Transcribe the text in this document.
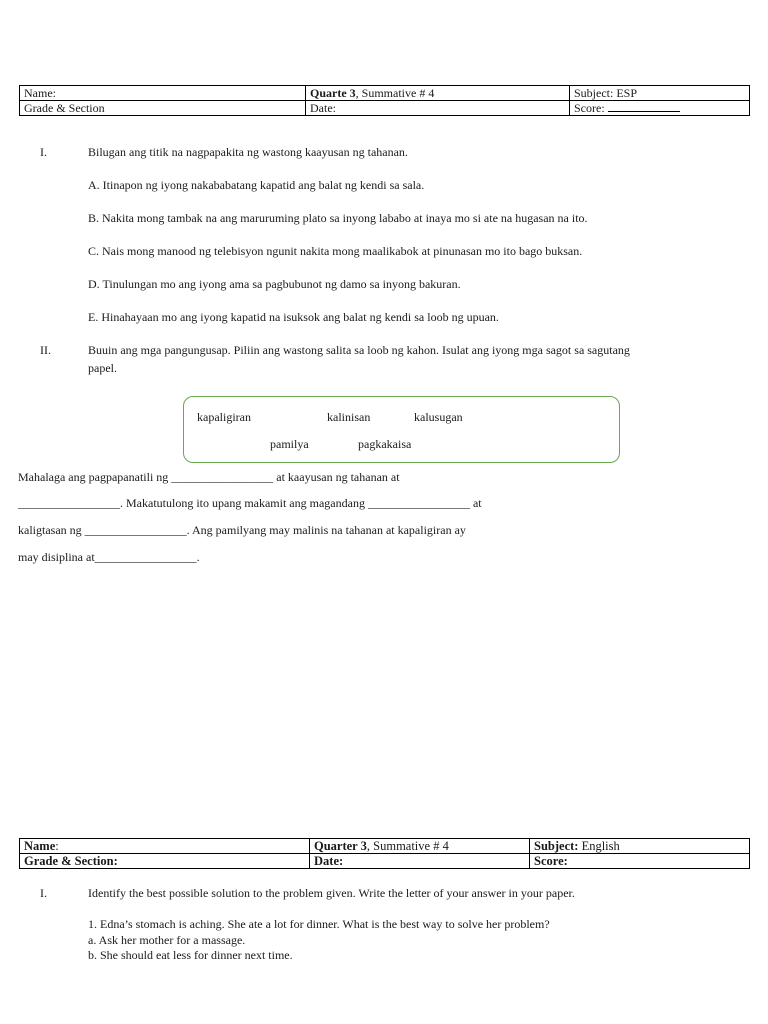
Name:	Quarte 3, Summative # 4	Subject: ESP
Grade & Section	Date:	Score:
I.	Bilugan ang titik na nagpapakita ng wastong kaayusan ng tahanan.
A. Itinapon ng iyong nakababatang kapatid ang balat ng kendi sa sala.
B. Nakita mong tambak na ang maruruming plato sa inyong lababo at inaya mo si ate na hugasan na ito.
C. Nais mong manood ng telebisyon ngunit nakita mong maalikabok at pinunasan mo ito bago buksan.
D. Tinulungan mo ang iyong ama sa pagbubunot ng damo sa inyong bakuran.
E. Hinahayaan mo ang iyong kapatid na isuksok ang balat ng kendi sa loob ng upuan.
II.	Buuin ang mga pangungusap. Piliin ang wastong salita sa loob ng kahon. Isulat ang iyong mga sagot sa sagutang
papel.
kapaligiran	kalinisan	kalusugan
pamilya	pagkakaisa
Mahalaga ang pagpapanatili ng _________________ at kaayusan ng tahanan at
_________________. Makatutulong ito upang makamit ang magandang _________________ at
kaligtasan ng _________________. Ang pamilyang may malinis na tahanan at kapaligiran ay
may disiplina at_________________.
Name:	Quarter 3, Summative # 4	Subject: English
Grade & Section:	Date:	Score:
I.	Identify the best possible solution to the problem given. Write the letter of your answer in your paper.
1. Edna’s stomach is aching. She ate a lot for dinner. What is the best way to solve her problem?
a. Ask her mother for a massage.
b. She should eat less for dinner next time.
